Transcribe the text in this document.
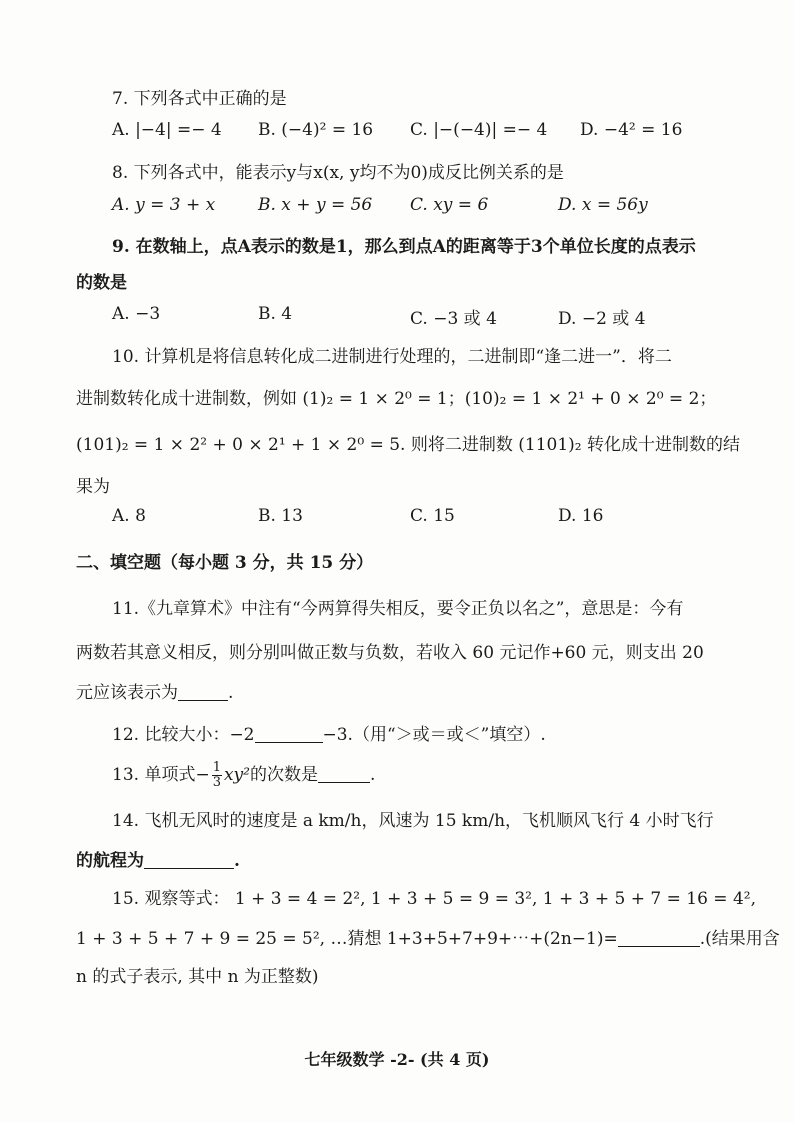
7. 下列各式中正确的是
A. |−4| =− 4 B. (−4)² = 16 C. |−(−4)| =− 4 D. −4² = 16
8. 下列各式中，能表示y与x(x, y均不为0)成反比例关系的是
A. y = 3 + x	B. x + y = 56 C. xy = 6	D. x = 56y
9. 在数轴上，点A表示的数是1，那么到点A的距离等于3个单位长度的点表示
的数是
A. −3	B. 4	C. −3 或 4	D. −2 或 4
10. 计算机是将信息转化成二进制进行处理的，二进制即“逢二进一”．将二
进制数转化成十进制数，例如 (1)₂ = 1 × 2⁰ = 1；(10)₂ = 1 × 2¹ + 0 × 2⁰ = 2；
(101)₂ = 1 × 2² + 0 × 2¹ + 1 × 2⁰ = 5. 则将二进制数 (1101)₂ 转化成十进制数的结
果为
A. 8	B. 13	C. 15	D. 16
二、填空题（每小题 3 分，共 15 分）
11.《九章算术》中注有“今两算得失相反，要令正负以名之”，意思是：今有
两数若其意义相反，则分别叫做正数与负数，若收入 60 元记作+60 元，则支出 20
元应该表示为	.
12. 比较大小：−2	−3.（用“＞或＝或＜”填空）.
13. 单项式− $\frac{1}{3} xy^2$的次数是	.
14. 飞机无风时的速度是 a km/h，风速为 15 km/h，飞机顺风飞行 4 小时飞行
的航程为	.
15. 观察等式： 1 + 3 = 4 = 2², 1 + 3 + 5 = 9 = 3², 1 + 3 + 5 + 7 = 16 = 4²,
1 + 3 + 5 + 7 + 9 = 25 = 5², …猜想 1+3+5+7+9+⋯+(2n−1)=	.(结果用含
n 的式子表示, 其中 n 为正整数)
七年级数学 -2- (共 4 页)
